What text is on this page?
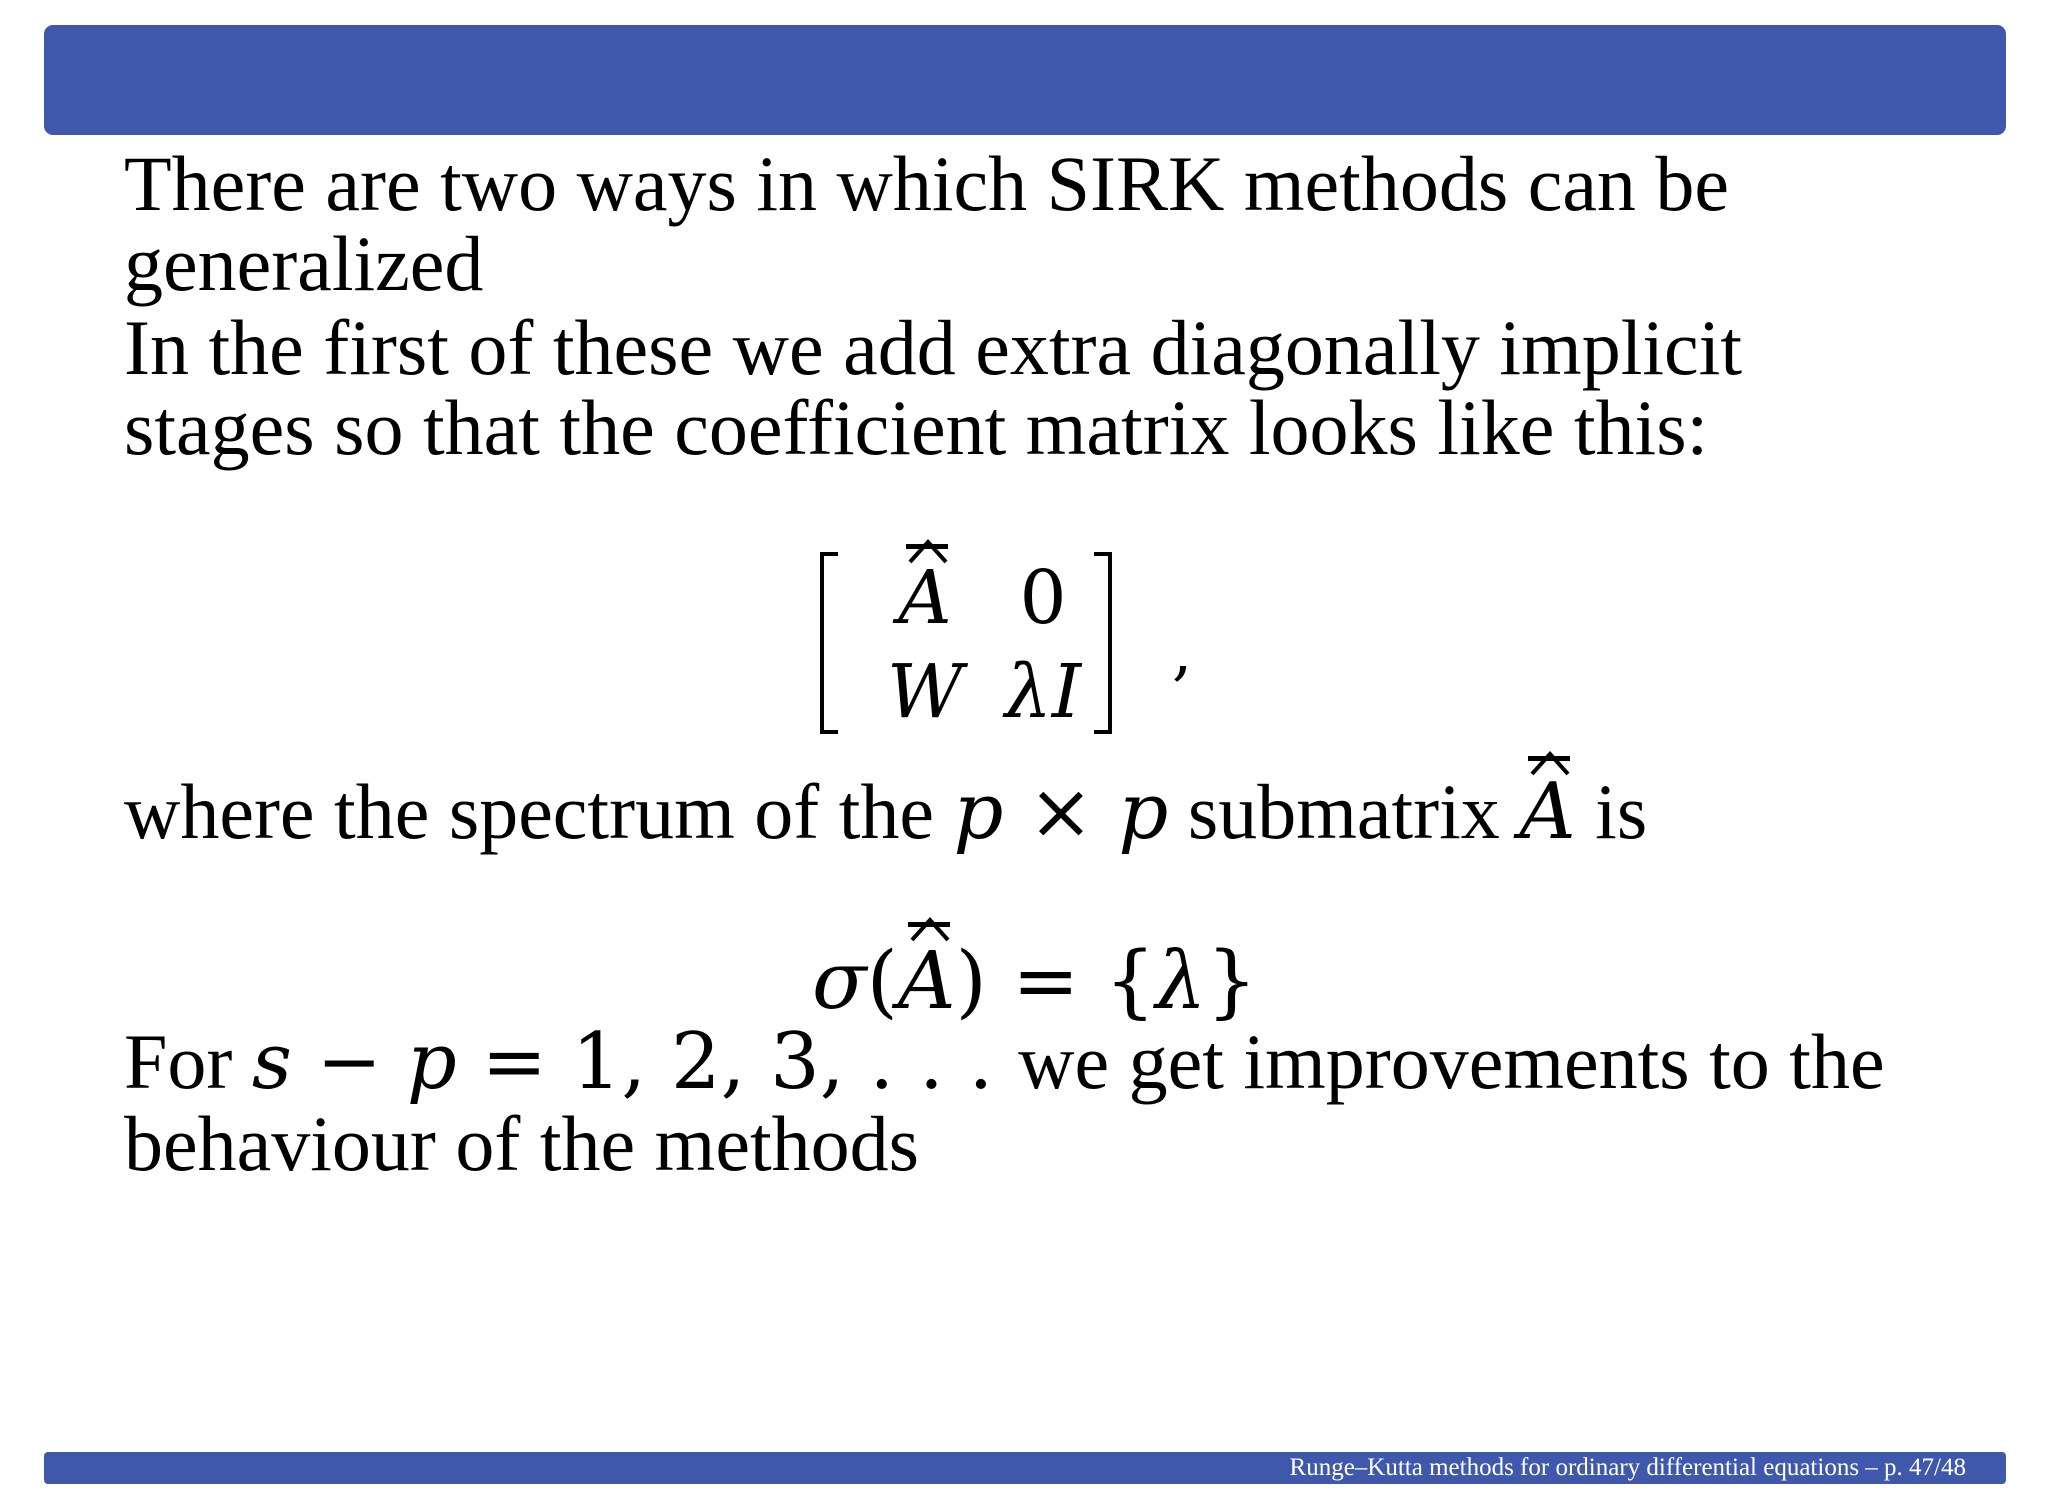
There are two ways in which SIRK methods can be
generalized
In the first of these we add extra diagonally implicit
stages so that the coefficient matrix looks like this:
where the spectrum of the p × p submatrix
A is
For s − p = 1, 2, 3, . . . we get improvements to the
behaviour of the methods
A 0
W λI ,
σ(
A) = {λ}
Runge–Kutta methods for ordinary differential equations – p. 47/48
